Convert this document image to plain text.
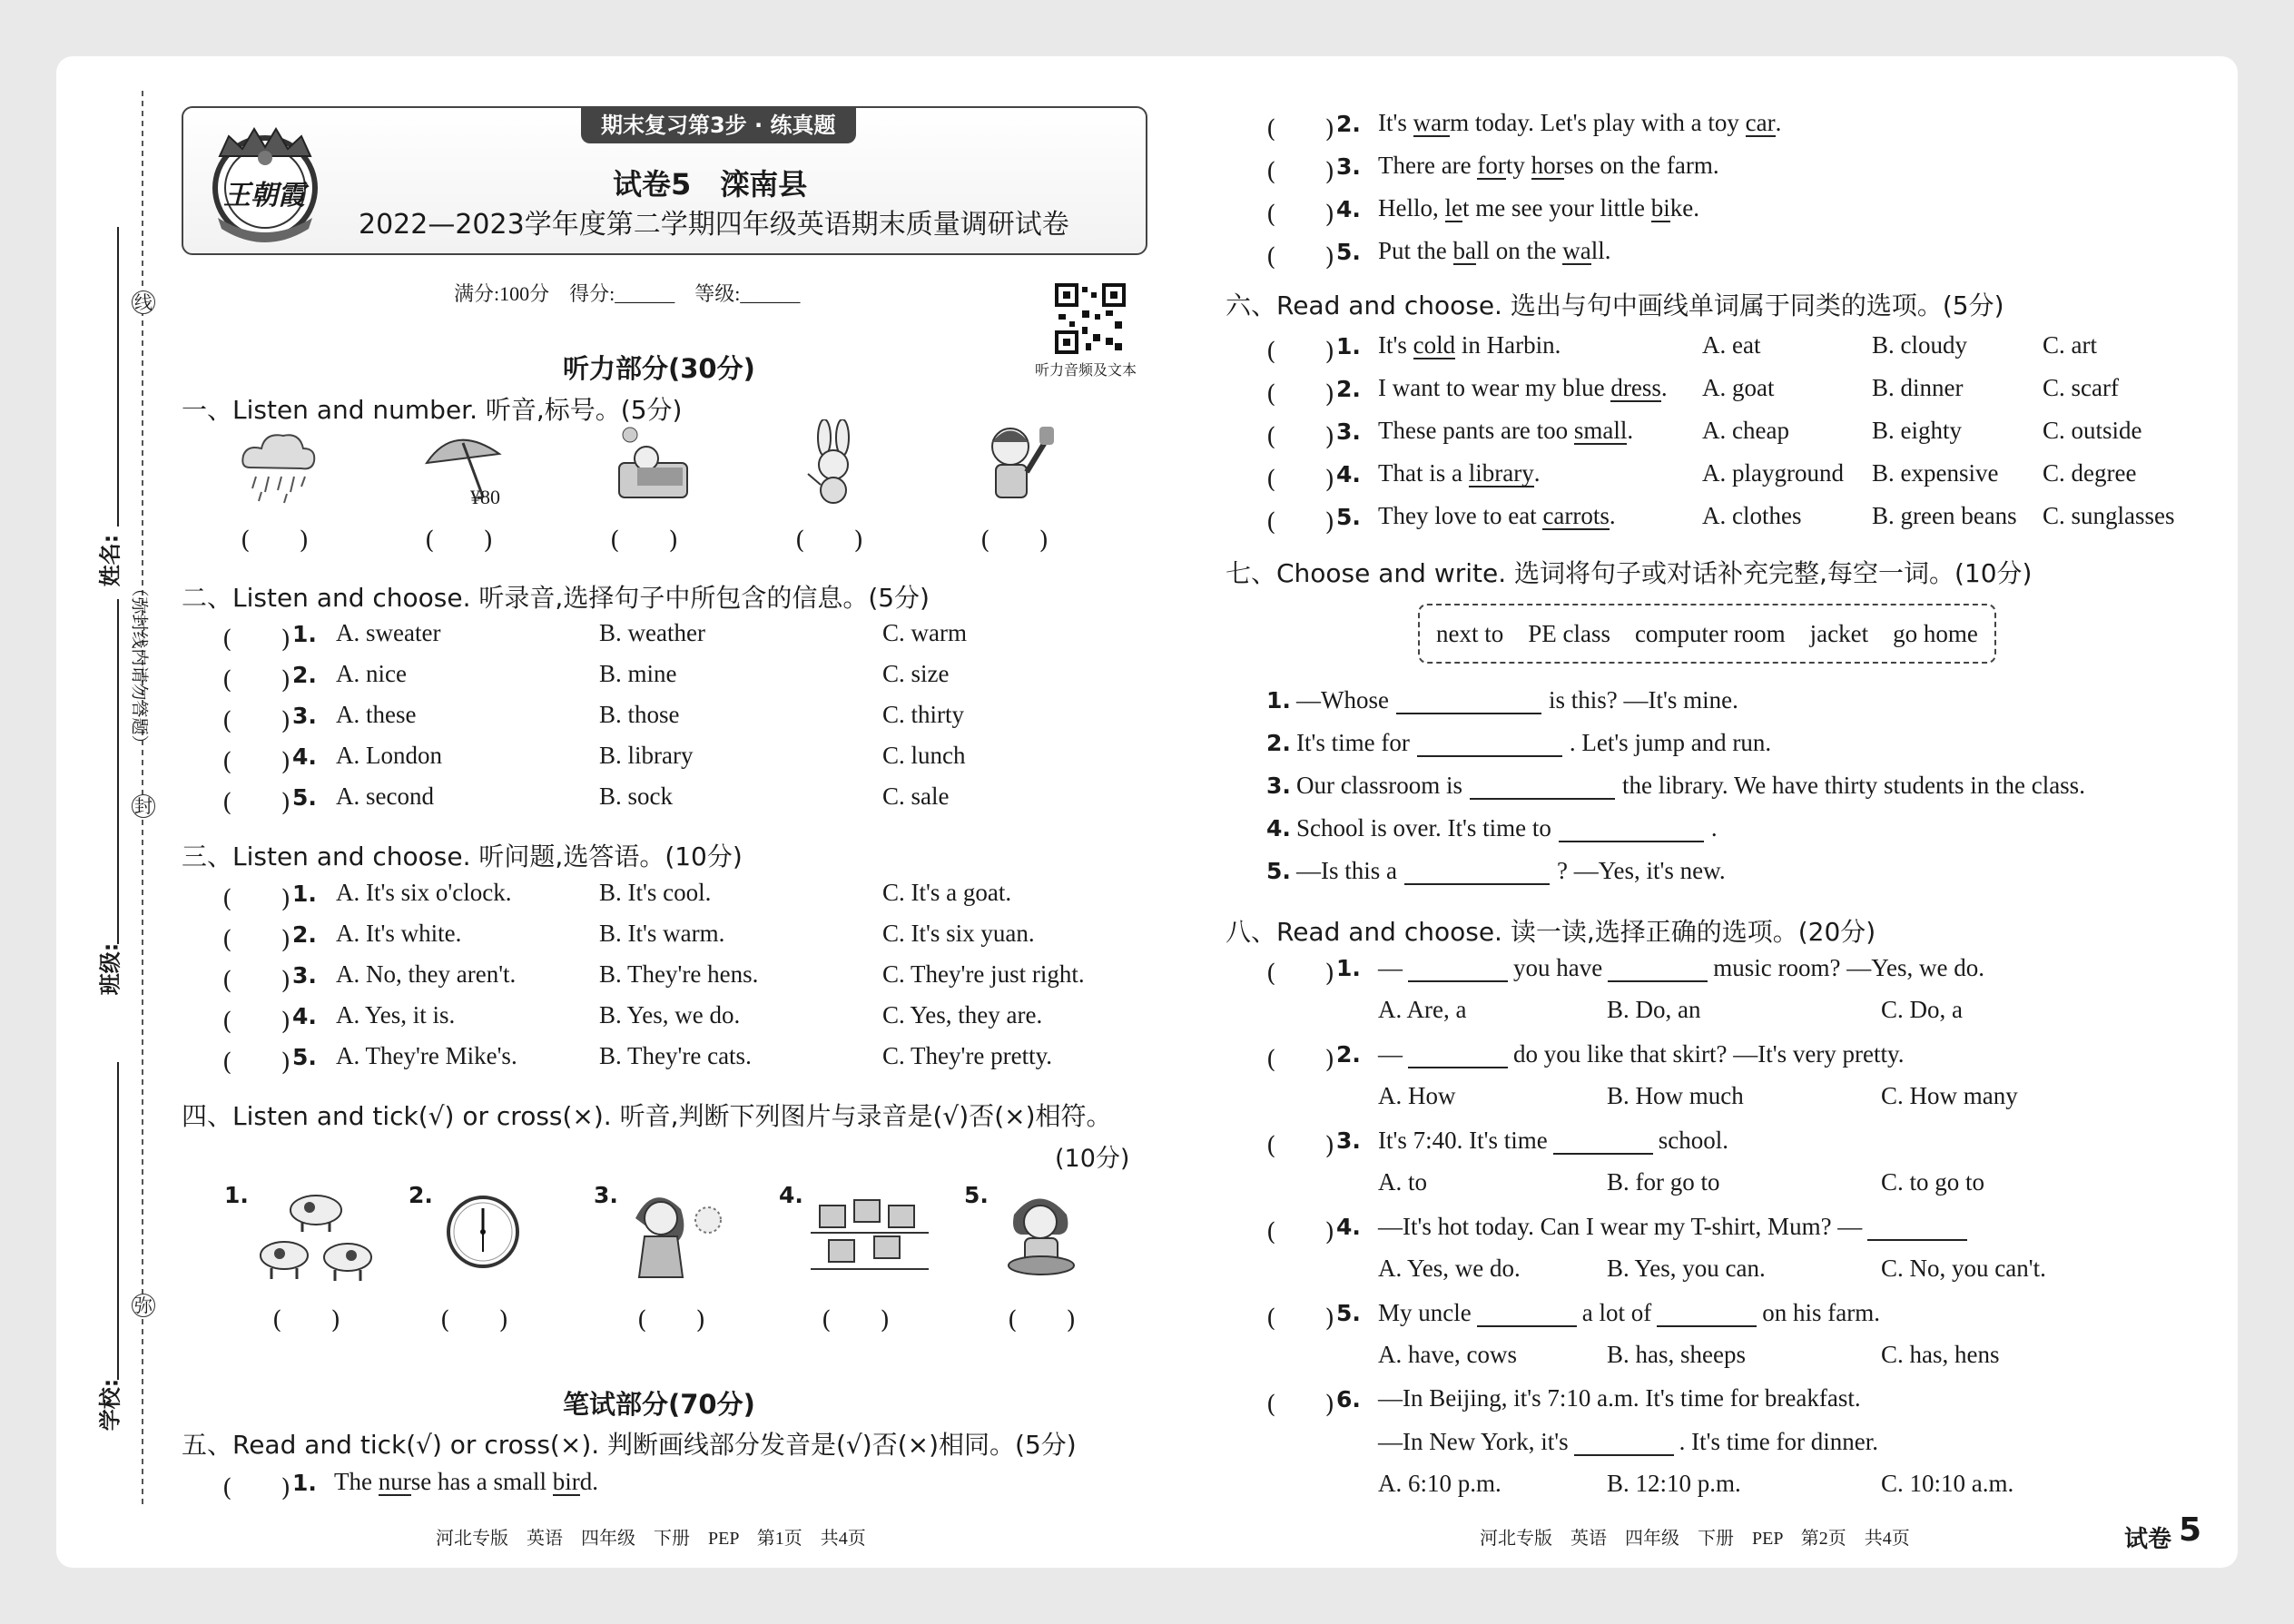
线
封
弥
姓名:
班级:
学校:
（弥封线内请勿答题）
期末复习第3步 · 练真题
王朝霞	试卷5　滦南县
2022—2023学年度第二学期四年级英语期末质量调研试卷
满分:100分　得分:______　等级:______
听力音频及文本
听力部分(30分)
一、Listen and number. 听音,标号。(5分)
¥80
(　　)	(　　)	(　　)	(　　)	(　　)
二、Listen and choose. 听录音,选择句子中所包含的信息。(5分)
(　　) 1. A. sweater	B. weather	C. warm
(　　) 2. A. nice	B. mine	C. size
(　　) 3. A. these	B. those	C. thirty
(　　) 4. A. London	B. library	C. lunch
(　　) 5. A. second	B. sock	C. sale
三、Listen and choose. 听问题,选答语。(10分)
(　　) 1. A. It's six o'clock.	B. It's cool.	C. It's a goat.
(　　) 2. A. It's white.	B. It's warm.	C. It's six yuan.
(　　) 3. A. No, they aren't.	B. They're hens.	C. They're just right.
(　　) 4. A. Yes, it is.	B. Yes, we do.	C. Yes, they are.
(　　) 5. A. They're Mike's.	B. They're cats.	C. They're pretty.
四、Listen and tick(√) or cross(×). 听音,判断下列图片与录音是(√)否(×)相符。
(10分)
1.	2.	3.	4.	5.
(　　)	(　　)	(　　)	(　　)	(　　)
笔试部分(70分)
五、Read and tick(√) or cross(×). 判断画线部分发音是(√)否(×)相同。(5分)
(　　) 1. The nurse has a small bird.
(　　) 2. It's warm today. Let's play with a toy car.
(　　) 3. There are forty horses on the farm.
(　　) 4. Hello, let me see your little bike.
(　　) 5. Put the ball on the wall.
六、Read and choose. 选出与句中画线单词属于同类的选项。(5分)
(　　) 1. It's cold in Harbin.	A. eat	B. cloudy	C. art
(　　) 2. I want to wear my blue dress. A. goat	B. dinner	C. scarf
(　　) 3. These pants are too small.	A. cheap	B. eighty	C. outside
(　　) 4. That is a library.	A. playground B. expensive C. degree
(　　) 5. They love to eat carrots.	A. clothes	B. green beans C. sunglasses
七、Choose and write. 选词将句子或对话补充完整,每空一词。(10分)
next to　PE class　computer room　jacket　go home
1. —Whose	is this? —It's mine.
2. It's time for	. Let's jump and run.
3. Our classroom is	the library. We have thirty students in the class.
4. School is over. It's time to	.
5. —Is this a	? —Yes, it's new.
八、Read and choose. 读一读,选择正确的选项。(20分)
(　　) 1. —	you have	music room? —Yes, we do.
A. Are, a	B. Do, an	C. Do, a
(　　) 2. —	do you like that skirt? —It's very pretty.
A. How	B. How much	C. How many
(　　) 3. It's 7:40. It's time	school.
A. to	B. for go to	C. to go to
(　　) 4. —It's hot today. Can I wear my T-shirt, Mum? —
A. Yes, we do.	B. Yes, you can.	C. No, you can't.
(　　) 5. My uncle	a lot of	on his farm.
A. have, cows	B. has, sheeps	C. has, hens
(　　) 6. —In Beijing, it's 7:10 a.m. It's time for breakfast.
—In New York, it's	. It's time for dinner.
A. 6:10 p.m.	B. 12:10 p.m.	C. 10:10 a.m.
河北专版　英语　四年级　下册　PEP　第1页　共4页	河北专版　英语　四年级　下册　PEP　第2页　共4页	试卷 5
